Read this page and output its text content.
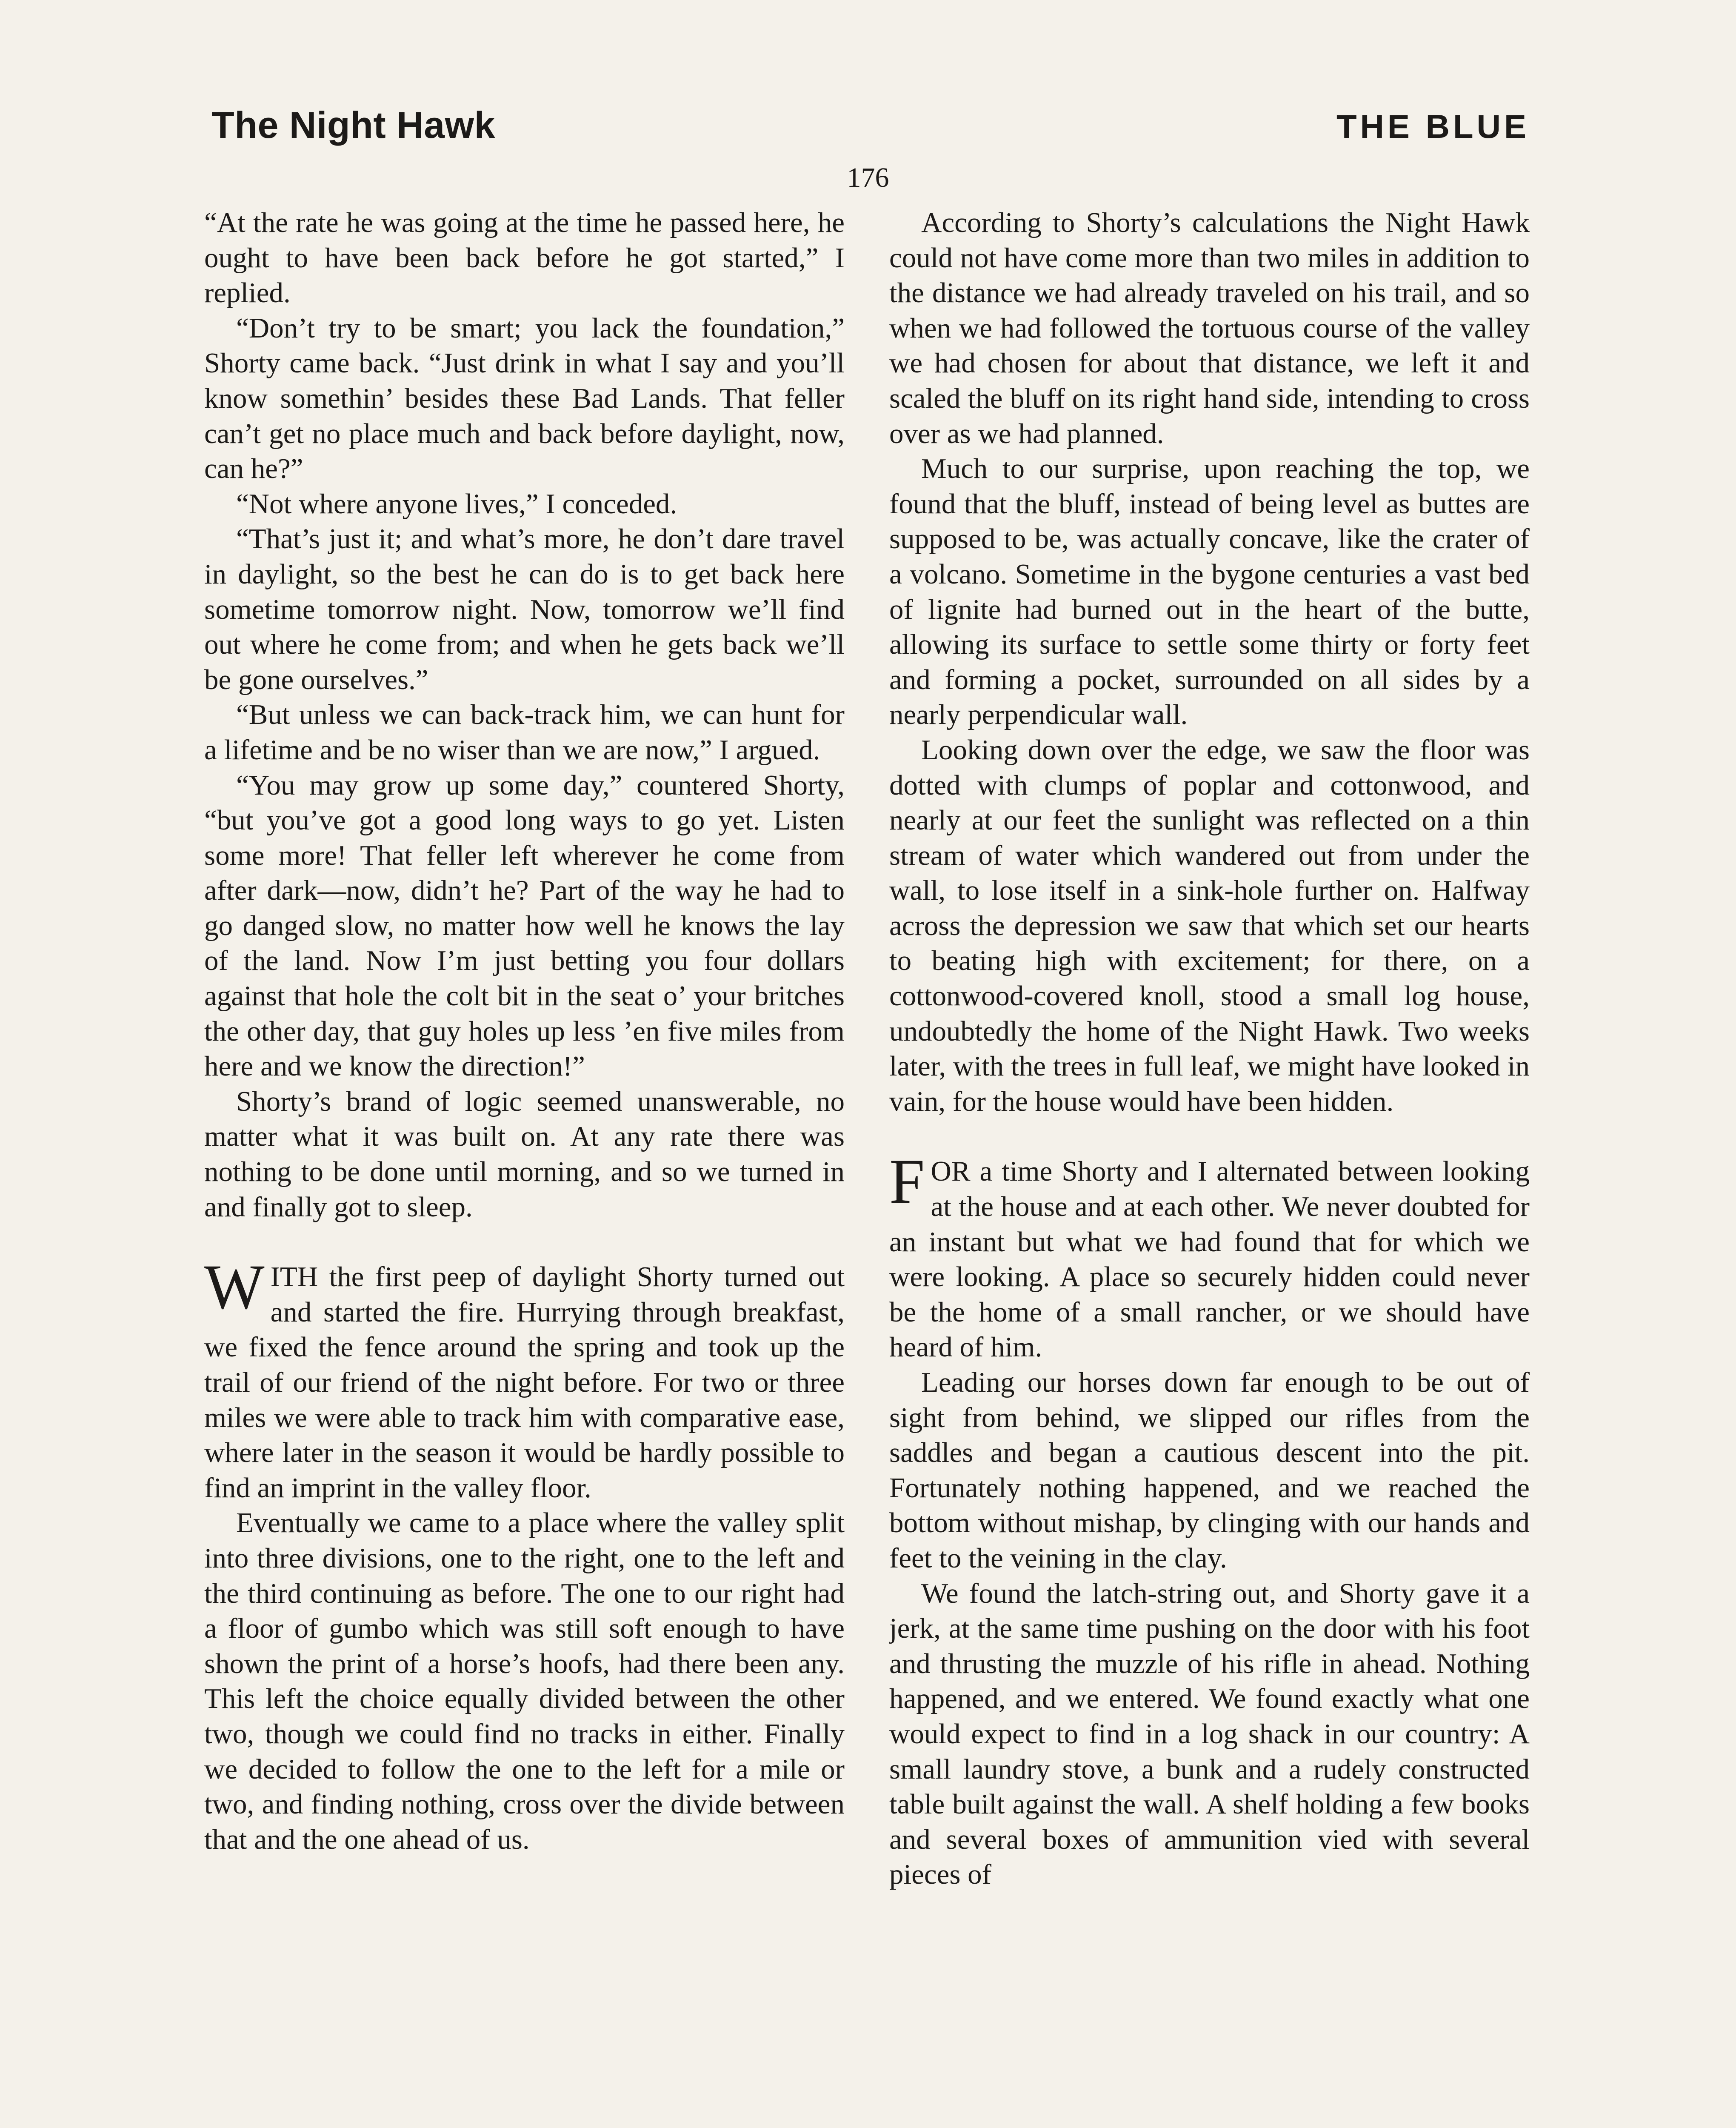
The Night Hawk	THE BLUE
176

“At the rate he was going at the time he passed here, he ought to have been back before he got started,” I replied.

“Don’t try to be smart; you lack the foundation,” Shorty came back. “Just drink in what I say and you’ll know somethin’ besides these Bad Lands. That feller can’t get no place much and back before daylight, now, can he?”

“Not where anyone lives,” I conceded.

“That’s just it; and what’s more, he don’t dare travel in daylight, so the best he can do is to get back here sometime tomorrow night. Now, tomorrow we’ll find out where he come from; and when he gets back we’ll be gone ourselves.”

“But unless we can back-track him, we can hunt for a lifetime and be no wiser than we are now,” I argued.

“You may grow up some day,” countered Shorty, “but you’ve got a good long ways to go yet. Listen some more! That feller left wherever he come from after dark—now, didn’t he? Part of the way he had to go danged slow, no matter how well he knows the lay of the land. Now I’m just betting you four dollars against that hole the colt bit in the seat o’ your britches the other day, that guy holes up less ’en five miles from here and we know the direction!”

Shorty’s brand of logic seemed unanswerable, no matter what it was built on. At any rate there was nothing to be done until morning, and so we turned in and finally got to sleep.

WITH the first peep of daylight Shorty turned out and started the fire. Hurrying through breakfast, we fixed the fence around the spring and took up the trail of our friend of the night before. For two or three miles we were able to track him with comparative ease, where later in the season it would be hardly possible to find an imprint in the valley floor.

Eventually we came to a place where the valley split into three divisions, one to the right, one to the left and the third continuing as before. The one to our right had a floor of gumbo which was still soft enough to have shown the print of a horse’s hoofs, had there been any. This left the choice equally divided between the other two, though we could find no tracks in either. Finally we decided to follow the one to the left for a mile or two, and finding nothing, cross over the divide between that and the one ahead of us.

According to Shorty’s calculations the Night Hawk could not have come more than two miles in addition to the distance we had already traveled on his trail, and so when we had followed the tortuous course of the valley we had chosen for about that distance, we left it and scaled the bluff on its right hand side, intending to cross over as we had planned.

Much to our surprise, upon reaching the top, we found that the bluff, instead of being level as buttes are supposed to be, was actually concave, like the crater of a volcano. Sometime in the bygone centuries a vast bed of lignite had burned out in the heart of the butte, allowing its surface to settle some thirty or forty feet and forming a pocket, surrounded on all sides by a nearly perpendicular wall.

Looking down over the edge, we saw the floor was dotted with clumps of poplar and cottonwood, and nearly at our feet the sunlight was reflected on a thin stream of water which wandered out from under the wall, to lose itself in a sink-hole further on. Halfway across the depression we saw that which set our hearts to beating high with excitement; for there, on a cottonwood-covered knoll, stood a small log house, undoubtedly the home of the Night Hawk. Two weeks later, with the trees in full leaf, we might have looked in vain, for the house would have been hidden.

FOR a time Shorty and I alternated between looking at the house and at each other. We never doubted for an instant but what we had found that for which we were looking. A place so securely hidden could never be the home of a small rancher, or we should have heard of him.

Leading our horses down far enough to be out of sight from behind, we slipped our rifles from the saddles and began a cautious descent into the pit. Fortunately nothing happened, and we reached the bottom without mishap, by clinging with our hands and feet to the veining in the clay.

We found the latch-string out, and Shorty gave it a jerk, at the same time pushing on the door with his foot and thrusting the muzzle of his rifle in ahead. Nothing happened, and we entered. We found exactly what one would expect to find in a log shack in our country: A small laundry stove, a bunk and a rudely constructed table built against the wall. A shelf holding a few books and several boxes of ammunition vied with several pieces of
